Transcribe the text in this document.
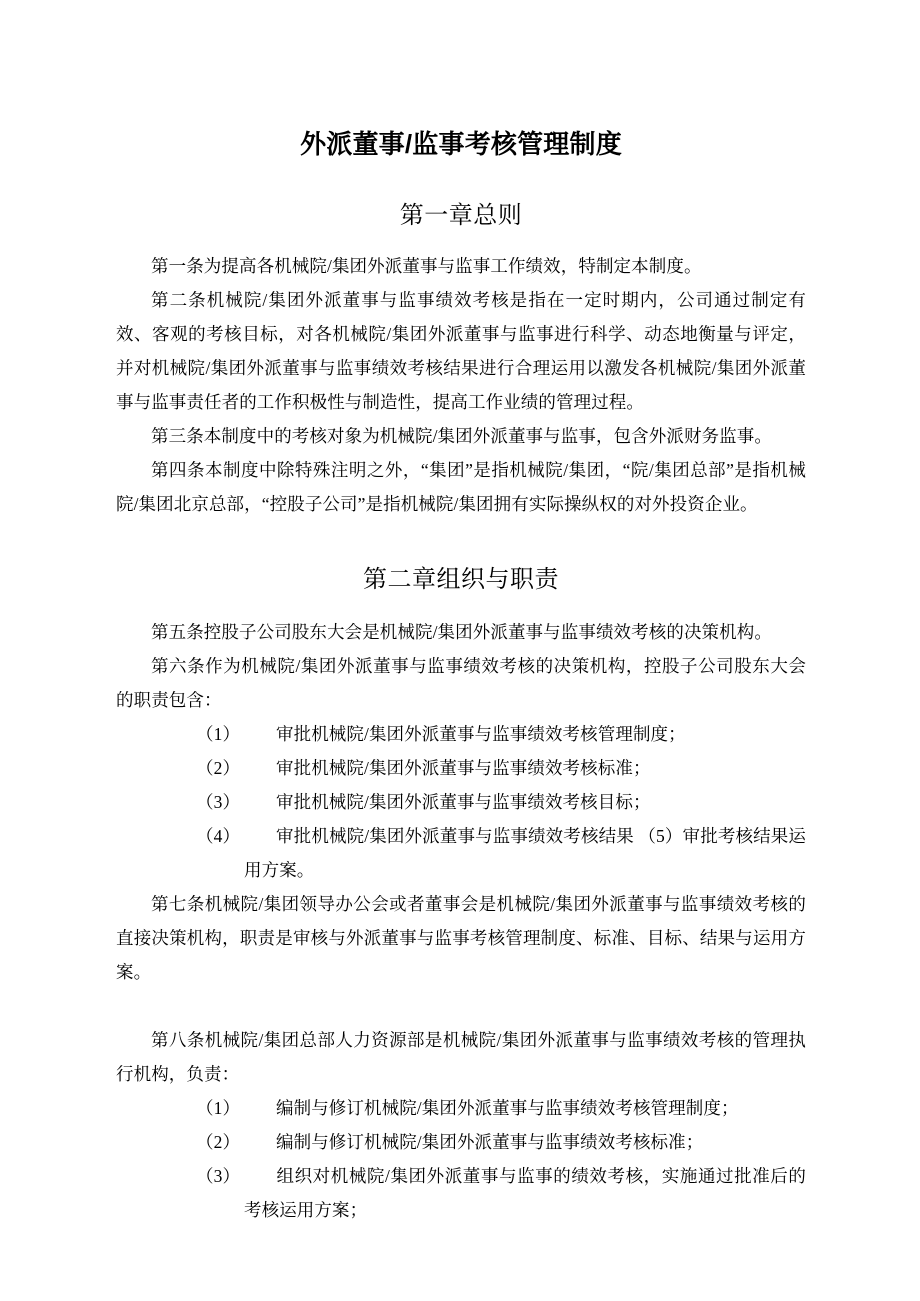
外派董事/监事考核管理制度
第一章总则

第一条为提高各机械院/集团外派董事与监事工作绩效，特制定本制度。

第二条机械院/集团外派董事与监事绩效考核是指在一定时期内，公司通过制定有效、客观的考核目标，对各机械院/集团外派董事与监事进行科学、动态地衡量与评定，并对机械院/集团外派董事与监事绩效考核结果进行合理运用以激发各机械院/集团外派董事与监事责任者的工作积极性与制造性，提高工作业绩的管理过程。

第三条本制度中的考核对象为机械院/集团外派董事与监事，包含外派财务监事。

第四条本制度中除特殊注明之外，“集团”是指机械院/集团，“院/集团总部”是指机械院/集团北京总部，“控股子公司”是指机械院/集团拥有实际操纵权的对外投资企业。

第二章组织与职责

第五条控股子公司股东大会是机械院/集团外派董事与监事绩效考核的决策机构。

第六条作为机械院/集团外派董事与监事绩效考核的决策机构，控股子公司股东大会的职责包含：

（1） 审批机械院/集团外派董事与监事绩效考核管理制度；
（2） 审批机械院/集团外派董事与监事绩效考核标准；
（3） 审批机械院/集团外派董事与监事绩效考核目标；
（4） 审批机械院/集团外派董事与监事绩效考核结果 （5）审批考核结果运用方案。

第七条机械院/集团领导办公会或者董事会是机械院/集团外派董事与监事绩效考核的直接决策机构，职责是审核与外派董事与监事考核管理制度、标准、目标、结果与运用方案。

第八条机械院/集团总部人力资源部是机械院/集团外派董事与监事绩效考核的管理执行机构，负责：

（1） 编制与修订机械院/集团外派董事与监事绩效考核管理制度；
（2） 编制与修订机械院/集团外派董事与监事绩效考核标准；
（3） 组织对机械院/集团外派董事与监事的绩效考核，实施通过批准后的考核运用方案；
